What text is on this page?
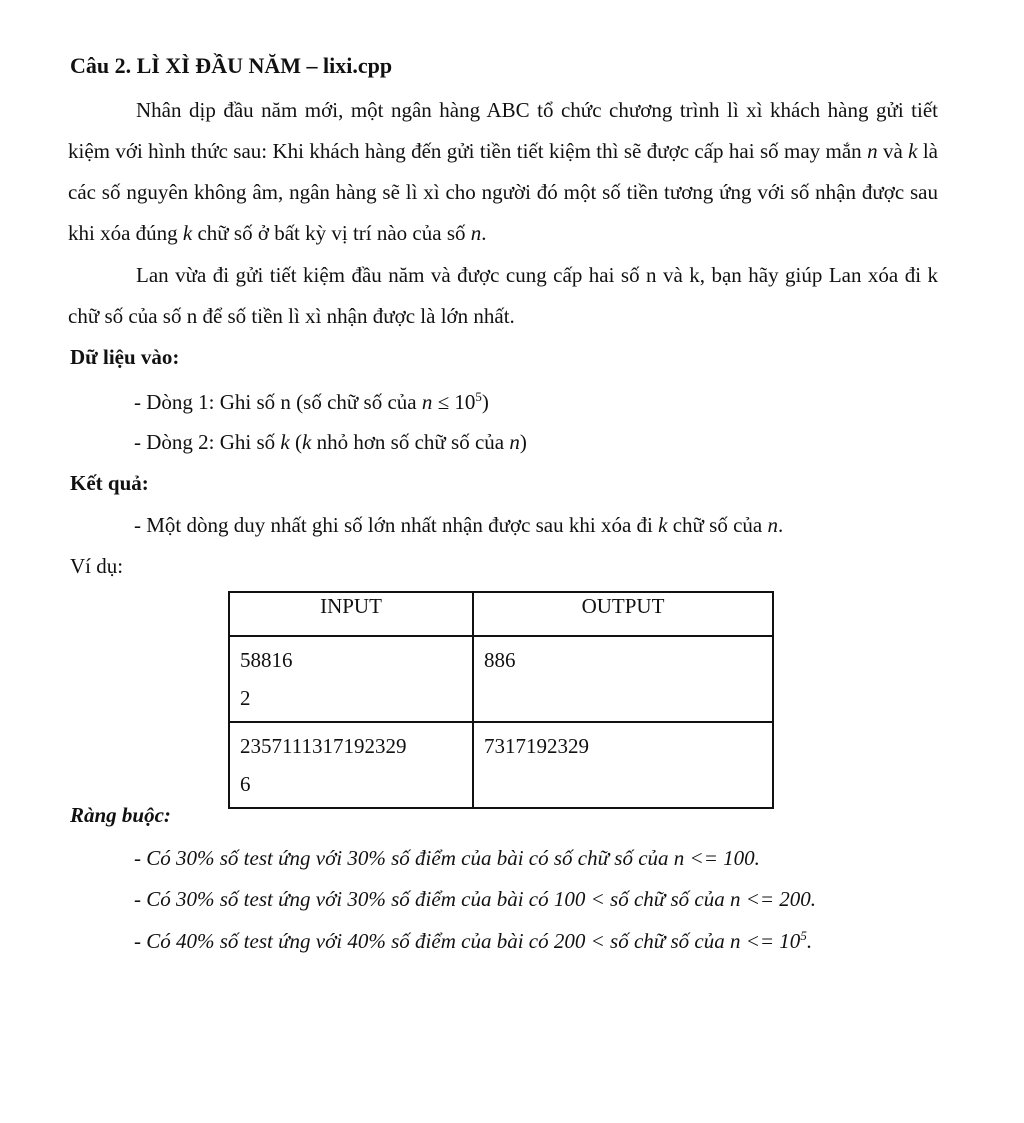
Câu 2. LÌ XÌ ĐẦU NĂM – lixi.cpp
Nhân dịp đầu năm mới, một ngân hàng ABC tổ chức chương trình lì xì khách hàng gửi tiết kiệm với hình thức sau: Khi khách hàng đến gửi tiền tiết kiệm thì sẽ được cấp hai số may mắn n và k là các số nguyên không âm, ngân hàng sẽ lì xì cho người đó một số tiền tương ứng với số nhận được sau khi xóa đúng k chữ số ở bất kỳ vị trí nào của số n.
Lan vừa đi gửi tiết kiệm đầu năm và được cung cấp hai số n và k, bạn hãy giúp Lan xóa đi k chữ số của số n để số tiền lì xì nhận được là lớn nhất.
Dữ liệu vào:
- Dòng 1: Ghi số n (số chữ số của $n \le 10^5$)
- Dòng 2: Ghi số k (k nhỏ hơn số chữ số của n)
Kết quả:
- Một dòng duy nhất ghi số lớn nhất nhận được sau khi xóa đi k chữ số của n.
Ví dụ:
INPUT	OUTPUT

58816
2	886

2357111317192329
6	7317192329
Ràng buộc:
- Có 30% số test ứng với 30% số điểm của bài có số chữ số của n <= 100.
- Có 30% số test ứng với 30% số điểm của bài có 100 < số chữ số của n <= 200.
- Có 40% số test ứng với 40% số điểm của bài có 200 < số chữ số của $n <= 10^5$.
